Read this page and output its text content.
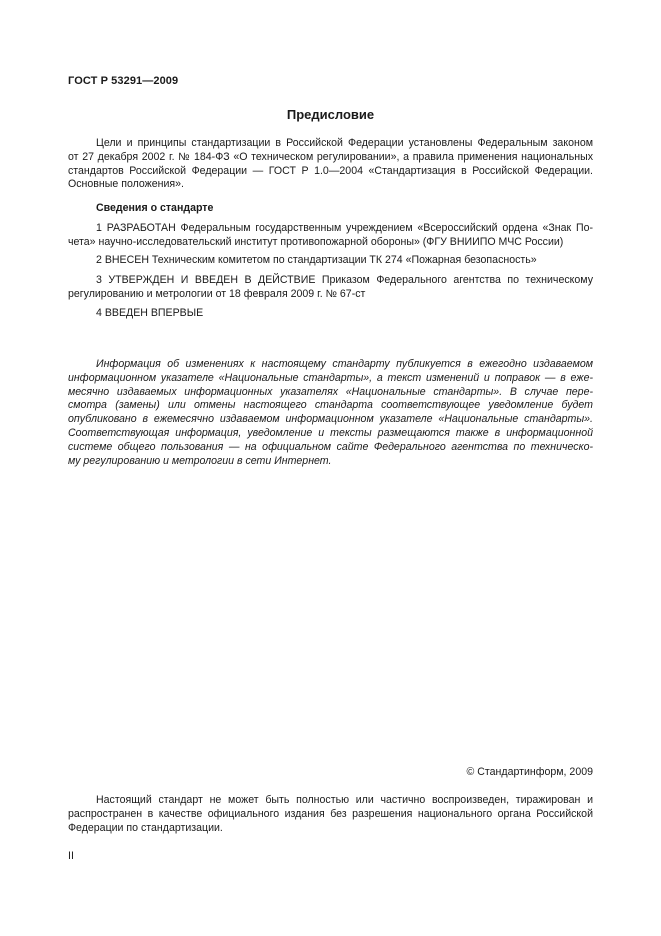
ГОСТ Р 53291—2009
Предисловие
Цели и принципы стандартизации в Российской Федерации установлены Федеральным законом
от 27 декабря 2002 г. № 184-ФЗ «О техническом регулировании», а правила применения национальных
стандартов Российской Федерации — ГОСТ Р 1.0—2004 «Стандартизация в Российской Федерации.
Основные положения».
Сведения о стандарте
1 РАЗРАБОТАН Федеральным государственным учреждением «Всероссийский ордена «Знак По-
чета» научно-исследовательский институт противопожарной обороны» (ФГУ ВНИИПО МЧС России)
2 ВНЕСЕН Техническим комитетом по стандартизации ТК 274 «Пожарная безопасность»
3 УТВЕРЖДЕН И ВВЕДЕН В ДЕЙСТВИЕ Приказом Федерального агентства по техническому
регулированию и метрологии от 18 февраля 2009 г. № 67-ст
4 ВВЕДЕН ВПЕРВЫЕ
Информация об изменениях к настоящему стандарту публикуется в ежегодно издаваемом
информационном указателе «Национальные стандарты», а текст изменений и поправок — в еже-
месячно издаваемых информационных указателях «Национальные стандарты». В случае пере-
смотра (замены) или отмены настоящего стандарта соответствующее уведомление будет
опубликовано в ежемесячно издаваемом информационном указателе «Национальные стандарты».
Соответствующая информация, уведомление и тексты размещаются также в информационной
системе общего пользования — на официальном сайте Федерального агентства по техническо-
му регулированию и метрологии в сети Интернет.
© Стандартинформ, 2009
Настоящий стандарт не может быть полностью или частично воспроизведен, тиражирован и
распространен в качестве официального издания без разрешения национального органа Российской
Федерации по стандартизации.
II
